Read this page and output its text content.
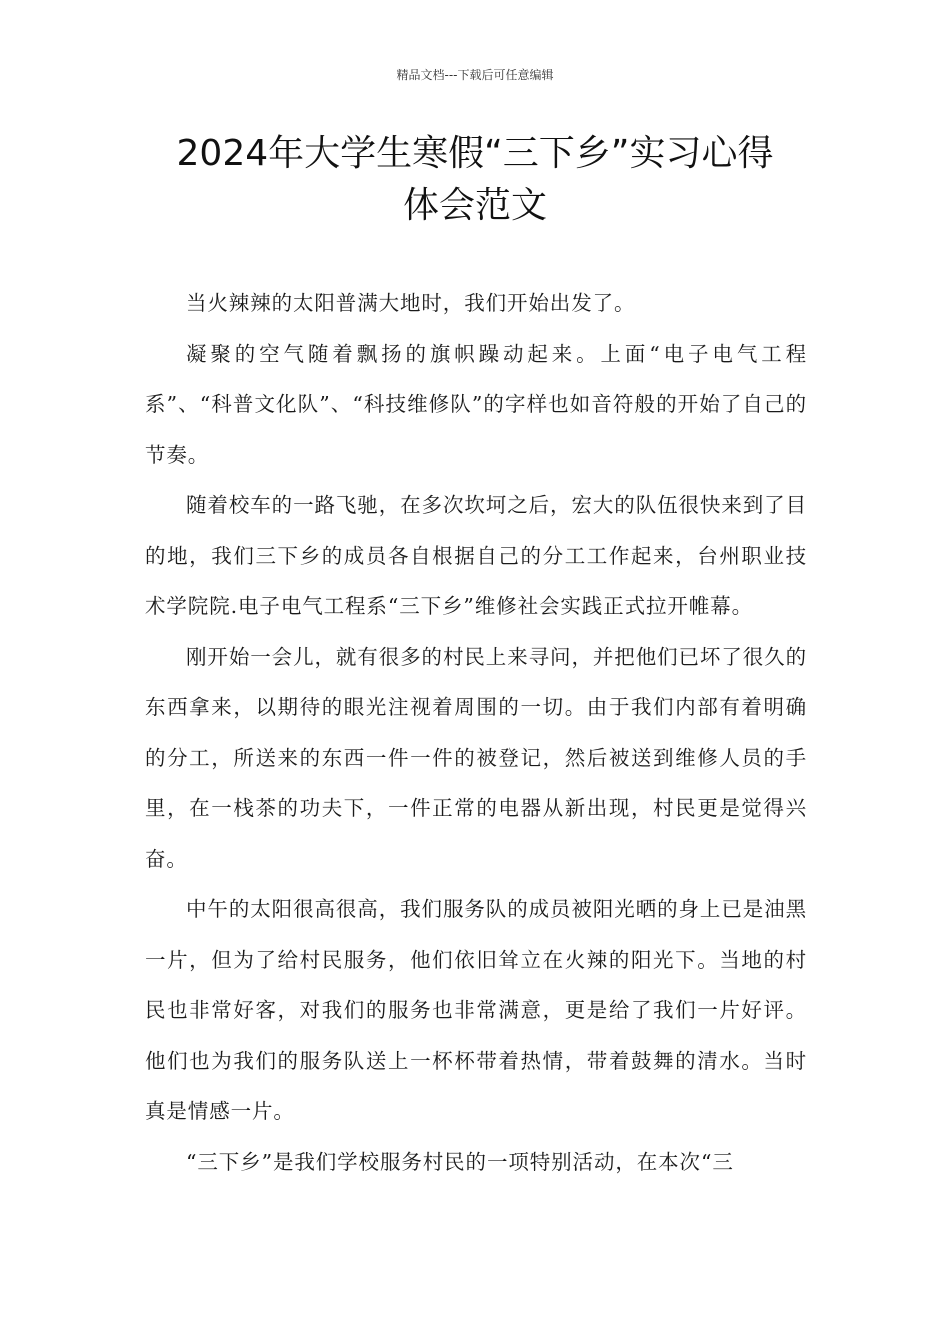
精品文档---下载后可任意编辑
2024年大学生寒假“三下乡”实习心得
体会范文

当火辣辣的太阳普满大地时，我们开始出发了。

凝聚的空气随着飘扬的旗帜躁动起来。上面“电子电气工程系”、“科普文化队”、“科技维修队”的字样也如音符般的开始了自己的节奏。

随着校车的一路飞驰，在多次坎坷之后，宏大的队伍很快来到了目的地，我们三下乡的成员各自根据自己的分工工作起来，台州职业技术学院院.电子电气工程系“三下乡”维修社会实践正式拉开帷幕。

刚开始一会儿，就有很多的村民上来寻问，并把他们已坏了很久的东西拿来，以期待的眼光注视着周围的一切。由于我们内部有着明确的分工，所送来的东西一件一件的被登记，然后被送到维修人员的手里，在一栈茶的功夫下，一件正常的电器从新出现，村民更是觉得兴奋。

中午的太阳很高很高，我们服务队的成员被阳光晒的身上已是油黑一片，但为了给村民服务，他们依旧耸立在火辣的阳光下。当地的村民也非常好客，对我们的服务也非常满意，更是给了我们一片好评。他们也为我们的服务队送上一杯杯带着热情，带着鼓舞的清水。当时真是情感一片。

“三下乡”是我们学校服务村民的一项特别活动，在本次“三
